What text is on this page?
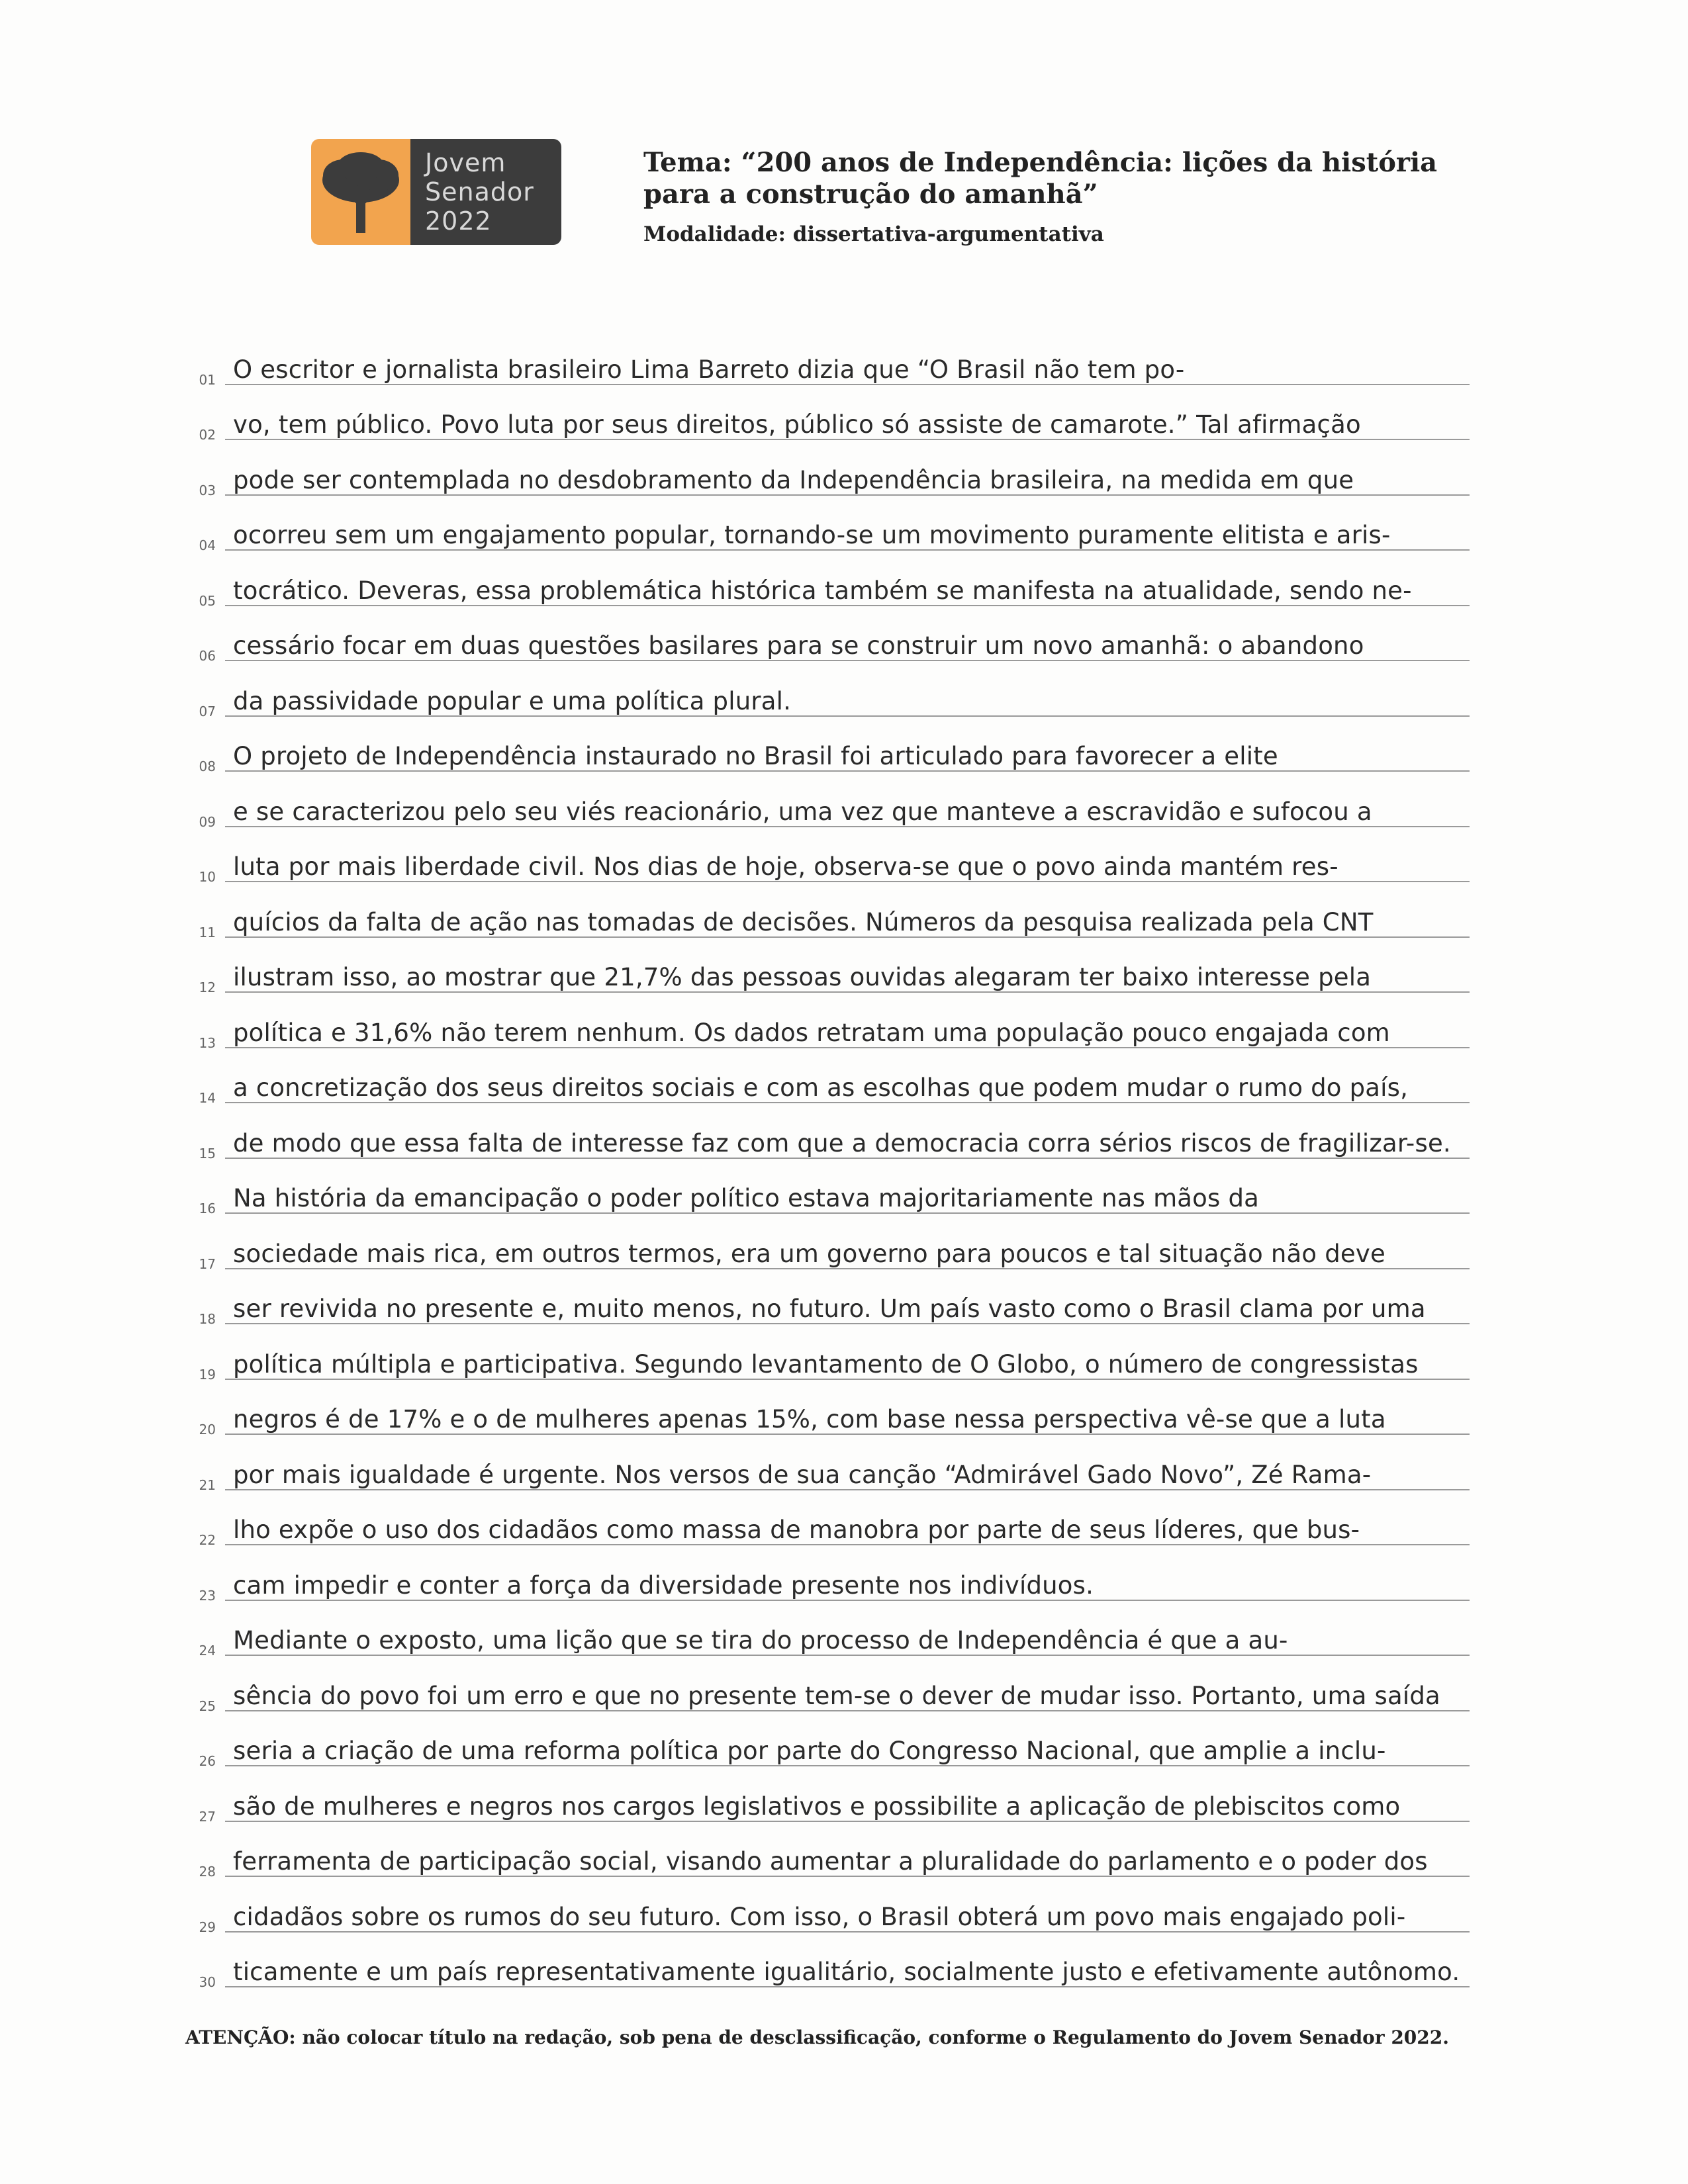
Jovem
Senador
2022
Tema: “200 anos de Independência: lições da história
para a construção do amanhã”
Modalidade: dissertativa-argumentativa
01 O escritor e jornalista brasileiro Lima Barreto dizia que “O Brasil não tem po-
02 vo, tem público. Povo luta por seus direitos, público só assiste de camarote.” Tal afirmação
03 pode ser contemplada no desdobramento da Independência brasileira, na medida em que
04 ocorreu sem um engajamento popular, tornando-se um movimento puramente elitista e aris-
05 tocrático. Deveras, essa problemática histórica também se manifesta na atualidade, sendo ne-
06 cessário focar em duas questões basilares para se construir um novo amanhã: o abandono
07 da passividade popular e uma política plural.
08 O projeto de Independência instaurado no Brasil foi articulado para favorecer a elite
09 e se caracterizou pelo seu viés reacionário, uma vez que manteve a escravidão e sufocou a
10 luta por mais liberdade civil. Nos dias de hoje, observa-se que o povo ainda mantém res-
11 quícios da falta de ação nas tomadas de decisões. Números da pesquisa realizada pela CNT
12 ilustram isso, ao mostrar que 21,7% das pessoas ouvidas alegaram ter baixo interesse pela
13 política e 31,6% não terem nenhum. Os dados retratam uma população pouco engajada com
14 a concretização dos seus direitos sociais e com as escolhas que podem mudar o rumo do país,
15 de modo que essa falta de interesse faz com que a democracia corra sérios riscos de fragilizar-se.
16 Na história da emancipação o poder político estava majoritariamente nas mãos da
17 sociedade mais rica, em outros termos, era um governo para poucos e tal situação não deve
18 ser revivida no presente e, muito menos, no futuro. Um país vasto como o Brasil clama por uma
19 política múltipla e participativa. Segundo levantamento de O Globo, o número de congressistas
20 negros é de 17% e o de mulheres apenas 15%, com base nessa perspectiva vê-se que a luta
21 por mais igualdade é urgente. Nos versos de sua canção “Admirável Gado Novo”, Zé Rama-
22 lho expõe o uso dos cidadãos como massa de manobra por parte de seus líderes, que bus-
23 cam impedir e conter a força da diversidade presente nos indivíduos.
24 Mediante o exposto, uma lição que se tira do processo de Independência é que a au-
25 sência do povo foi um erro e que no presente tem-se o dever de mudar isso. Portanto, uma saída
26 seria a criação de uma reforma política por parte do Congresso Nacional, que amplie a inclu-
27 são de mulheres e negros nos cargos legislativos e possibilite a aplicação de plebiscitos como
28 ferramenta de participação social, visando aumentar a pluralidade do parlamento e o poder dos
29 cidadãos sobre os rumos do seu futuro. Com isso, o Brasil obterá um povo mais engajado poli-
30 ticamente e um país representativamente igualitário, socialmente justo e efetivamente autônomo.
ATENÇÃO: não colocar título na redação, sob pena de desclassificação, conforme o Regulamento do Jovem Senador 2022.
